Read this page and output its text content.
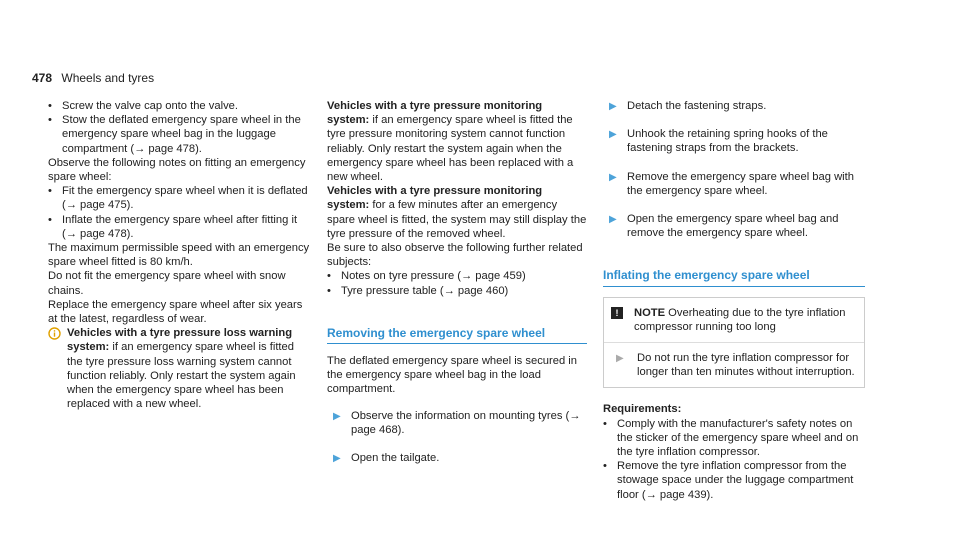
478 Wheels and tyres

• Screw the valve cap onto the valve.

• Stow the deflated emergency spare wheel in the emergency spare wheel bag in the luggage compartment (→ page 478).

Observe the following notes on fitting an emergency spare wheel:

• Fit the emergency spare wheel when it is deflated (→ page 475).

• Inflate the emergency spare wheel after fitting it (→ page 478).

The maximum permissible speed with an emergency spare wheel fitted is 80 km/h.

Do not fit the emergency spare wheel with snow chains.

Replace the emergency spare wheel after six years at the latest, regardless of wear.

Vehicles with a tyre pressure loss warning system: if an emergency spare wheel is fitted the tyre pressure loss warning system cannot function reliably. Only restart the system again when the emergency spare wheel has been replaced with a new wheel.

Vehicles with a tyre pressure monitoring system: if an emergency spare wheel is fitted the tyre pressure monitoring system cannot function reliably. Only restart the system again when the emergency spare wheel has been replaced with a new wheel.

Vehicles with a tyre pressure monitoring system: for a few minutes after an emergency spare wheel is fitted, the system may still display the tyre pressure of the removed wheel.

Be sure to also observe the following further related subjects:

• Notes on tyre pressure (→ page 459)

• Tyre pressure table (→ page 460)

Removing the emergency spare wheel

The deflated emergency spare wheel is secured in the emergency spare wheel bag in the load compartment.

▶ Observe the information on mounting tyres (→ page 468).

▶ Open the tailgate.

▶ Detach the fastening straps.

▶ Unhook the retaining spring hooks of the fastening straps from the brackets.

▶ Remove the emergency spare wheel bag with the emergency spare wheel.

▶ Open the emergency spare wheel bag and remove the emergency spare wheel.

Inflating the emergency spare wheel
!	NOTE Overheating due to the tyre inflation compressor running too long
▶ Do not run the tyre inflation compressor for longer than ten minutes without interruption.

Requirements:

• Comply with the manufacturer's safety notes on the sticker of the emergency spare wheel and on the tyre inflation compressor.

• Remove the tyre inflation compressor from the stowage space under the luggage compartment floor (→ page 439).
